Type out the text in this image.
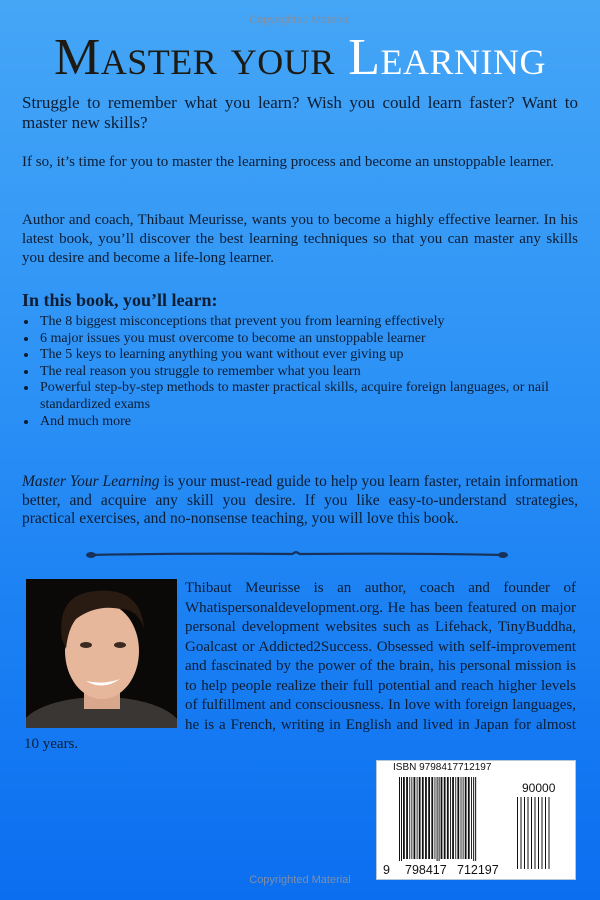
Copyrighted Material
Master your Learning
Struggle to remember what you learn? Wish you could learn faster? Want to master new skills?
If so, it’s time for you to master the learning process and become an unstoppable learner.
Author and coach, Thibaut Meurisse, wants you to become a highly effective learner. In his latest book, you’ll discover the best learning techniques so that you can master any skills you desire and become a life-long learner.
In this book, you’ll learn:
• The 8 biggest misconceptions that prevent you from learning effectively
• 6 major issues you must overcome to become an unstoppable learner
• The 5 keys to learning anything you want without ever giving up
• The real reason you struggle to remember what you learn
• Powerful step-by-step methods to master practical skills, acquire foreign languages, or nail standardized exams
• And much more
Master Your Learning is your must-read guide to help you learn faster, retain information better, and acquire any skill you desire. If you like easy-to-understand strategies, practical exercises, and no-nonsense teaching, you will love this book.
Thibaut Meurisse is an author, coach and founder of Whatispersonaldevelopment.org. He has been featured on major personal development websites such as Lifehack, TinyBuddha, Goalcast or Addicted2Success. Obsessed with self-improvement and fascinated by the power of the brain, his personal mission is to help people realize their full potential and reach higher levels of fulfillment and consciousness. In love with foreign languages, he is a French, writing in English and lived in Japan for almost 10 years.
ISBN 9798417712197
90000
9 798417 712197
Copyrighted Material
